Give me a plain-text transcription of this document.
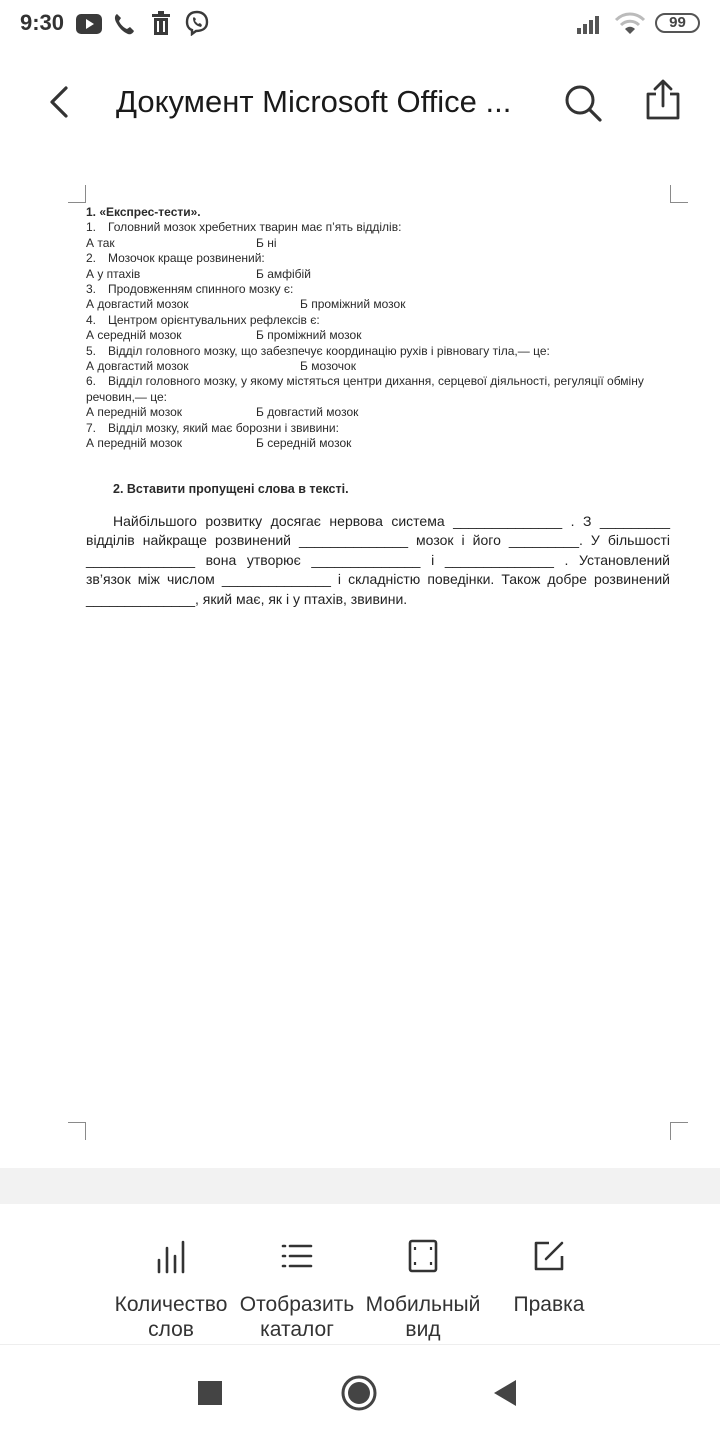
9:30	99
Документ Microsoft Office ...
1. «Експрес-тести».
1. Головний мозок хребетних тварин має п’ять відділів:
А так	Б ні
2. Мозочок краще розвинений:
А у птахів	Б амфібій
3. Продовженням спинного мозку є:
А довгастий мозок	Б проміжний мозок
4. Центром орієнтувальних рефлексів є:
А середній мозок	Б проміжний мозок
5. Відділ головного мозку, що забезпечує координацію рухів і рівновагу тіла,— це:
А довгастий мозок	Б мозочок
6. Відділ головного мозку, у якому містяться центри дихання, серцевої діяльності, регуляції обміну речовин,— це:
А передній мозок	Б довгастий мозок
7. Відділ мозку, який має борозни і звивини:
А передній мозок	Б середній мозок
2. Вставити пропущені слова в тексті.
Найбільшого розвитку досягає нервова система ______________ . З _________ відділів найкраще розвинений ______________ мозок і його _________. У більшості ______________ вона утворює ______________ і ______________ . Установлений зв’язок між числом ______________ і складністю поведінки. Також добре розвинений ______________, який має, як і у птахів, звивини.
Количество слов
Отобразить каталог
Мобильный вид
Правка
